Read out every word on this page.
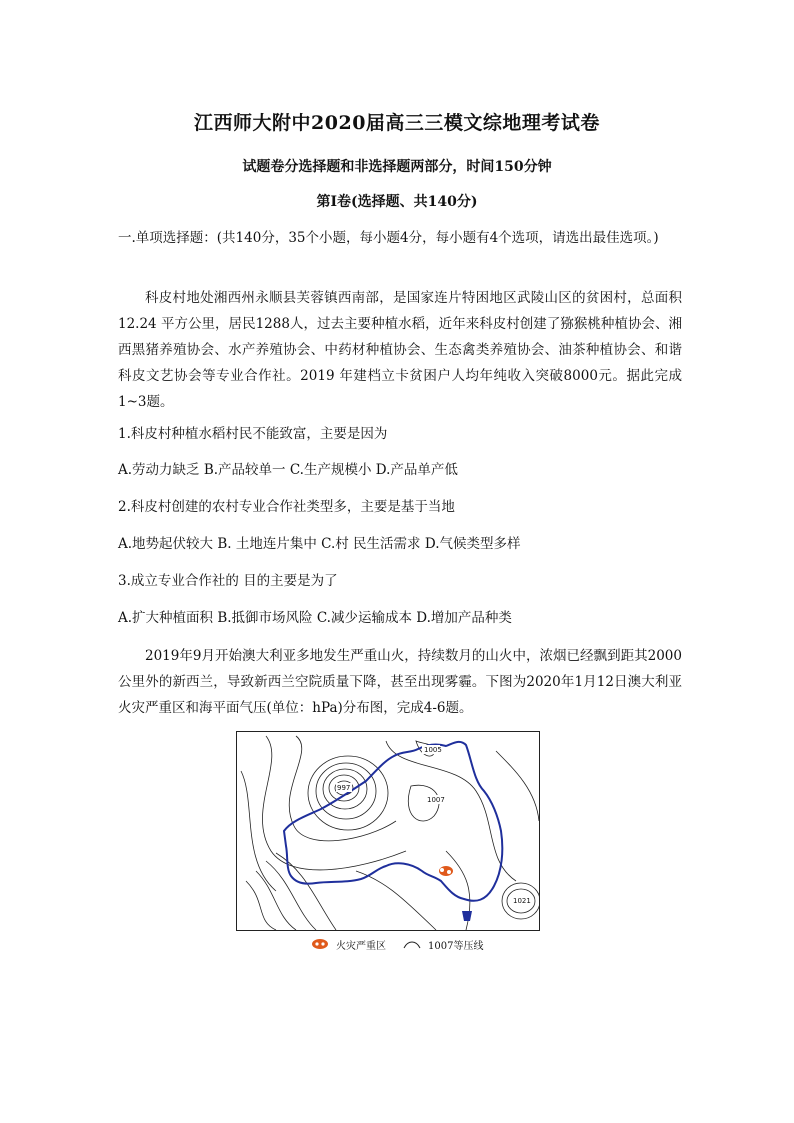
江西师大附中2020届高三三模文综地理考试卷
试题卷分选择题和非选择题两部分，时间150分钟
第Ⅰ卷(选择题、共140分)
一.单项选择题：(共140分，35个小题，每小题4分，每小题有4个选项，请选出最佳选项。)
科皮村地处湘西州永顺县芙蓉镇西南部，是国家连片特困地区武陵山区的贫困村，总面积12.24 平方公里，居民1288人，过去主要种植水稻，近年来科皮村创建了猕猴桃种植协会、湘西黑猪养殖协会、水产养殖协会、中药材种植协会、生态禽类养殖协会、油茶种植协会、和谐科皮文艺协会等专业合作社。2019 年建档立卡贫困户人均年纯收入突破8000元。据此完成1~3题。
1.科皮村种植水稻村民不能致富，主要是因为
A.劳动力缺乏 B.产品较单一 C.生产规模小 D.产品单产低
2.科皮村创建的农村专业合作社类型多，主要是基于当地
A.地势起伏较大 B. 土地连片集中 C.村 民生活需求 D.气候类型多样
3.成立专业合作社的 目的主要是为了
A.扩大种植面积 B.抵御市场风险 C.减少运输成本 D.增加产品种类
2019年9月开始澳大利亚多地发生严重山火，持续数月的山火中，浓烟已经飘到距其2000公里外的新西兰，导致新西兰空院质量下降，甚至出现雾霾。下图为2020年1月12日澳大利亚火灾严重区和海平面气压(单位：hPa)分布图，完成4-6题。
997
1005
1007
1021
火灾严重区	1007等压线
